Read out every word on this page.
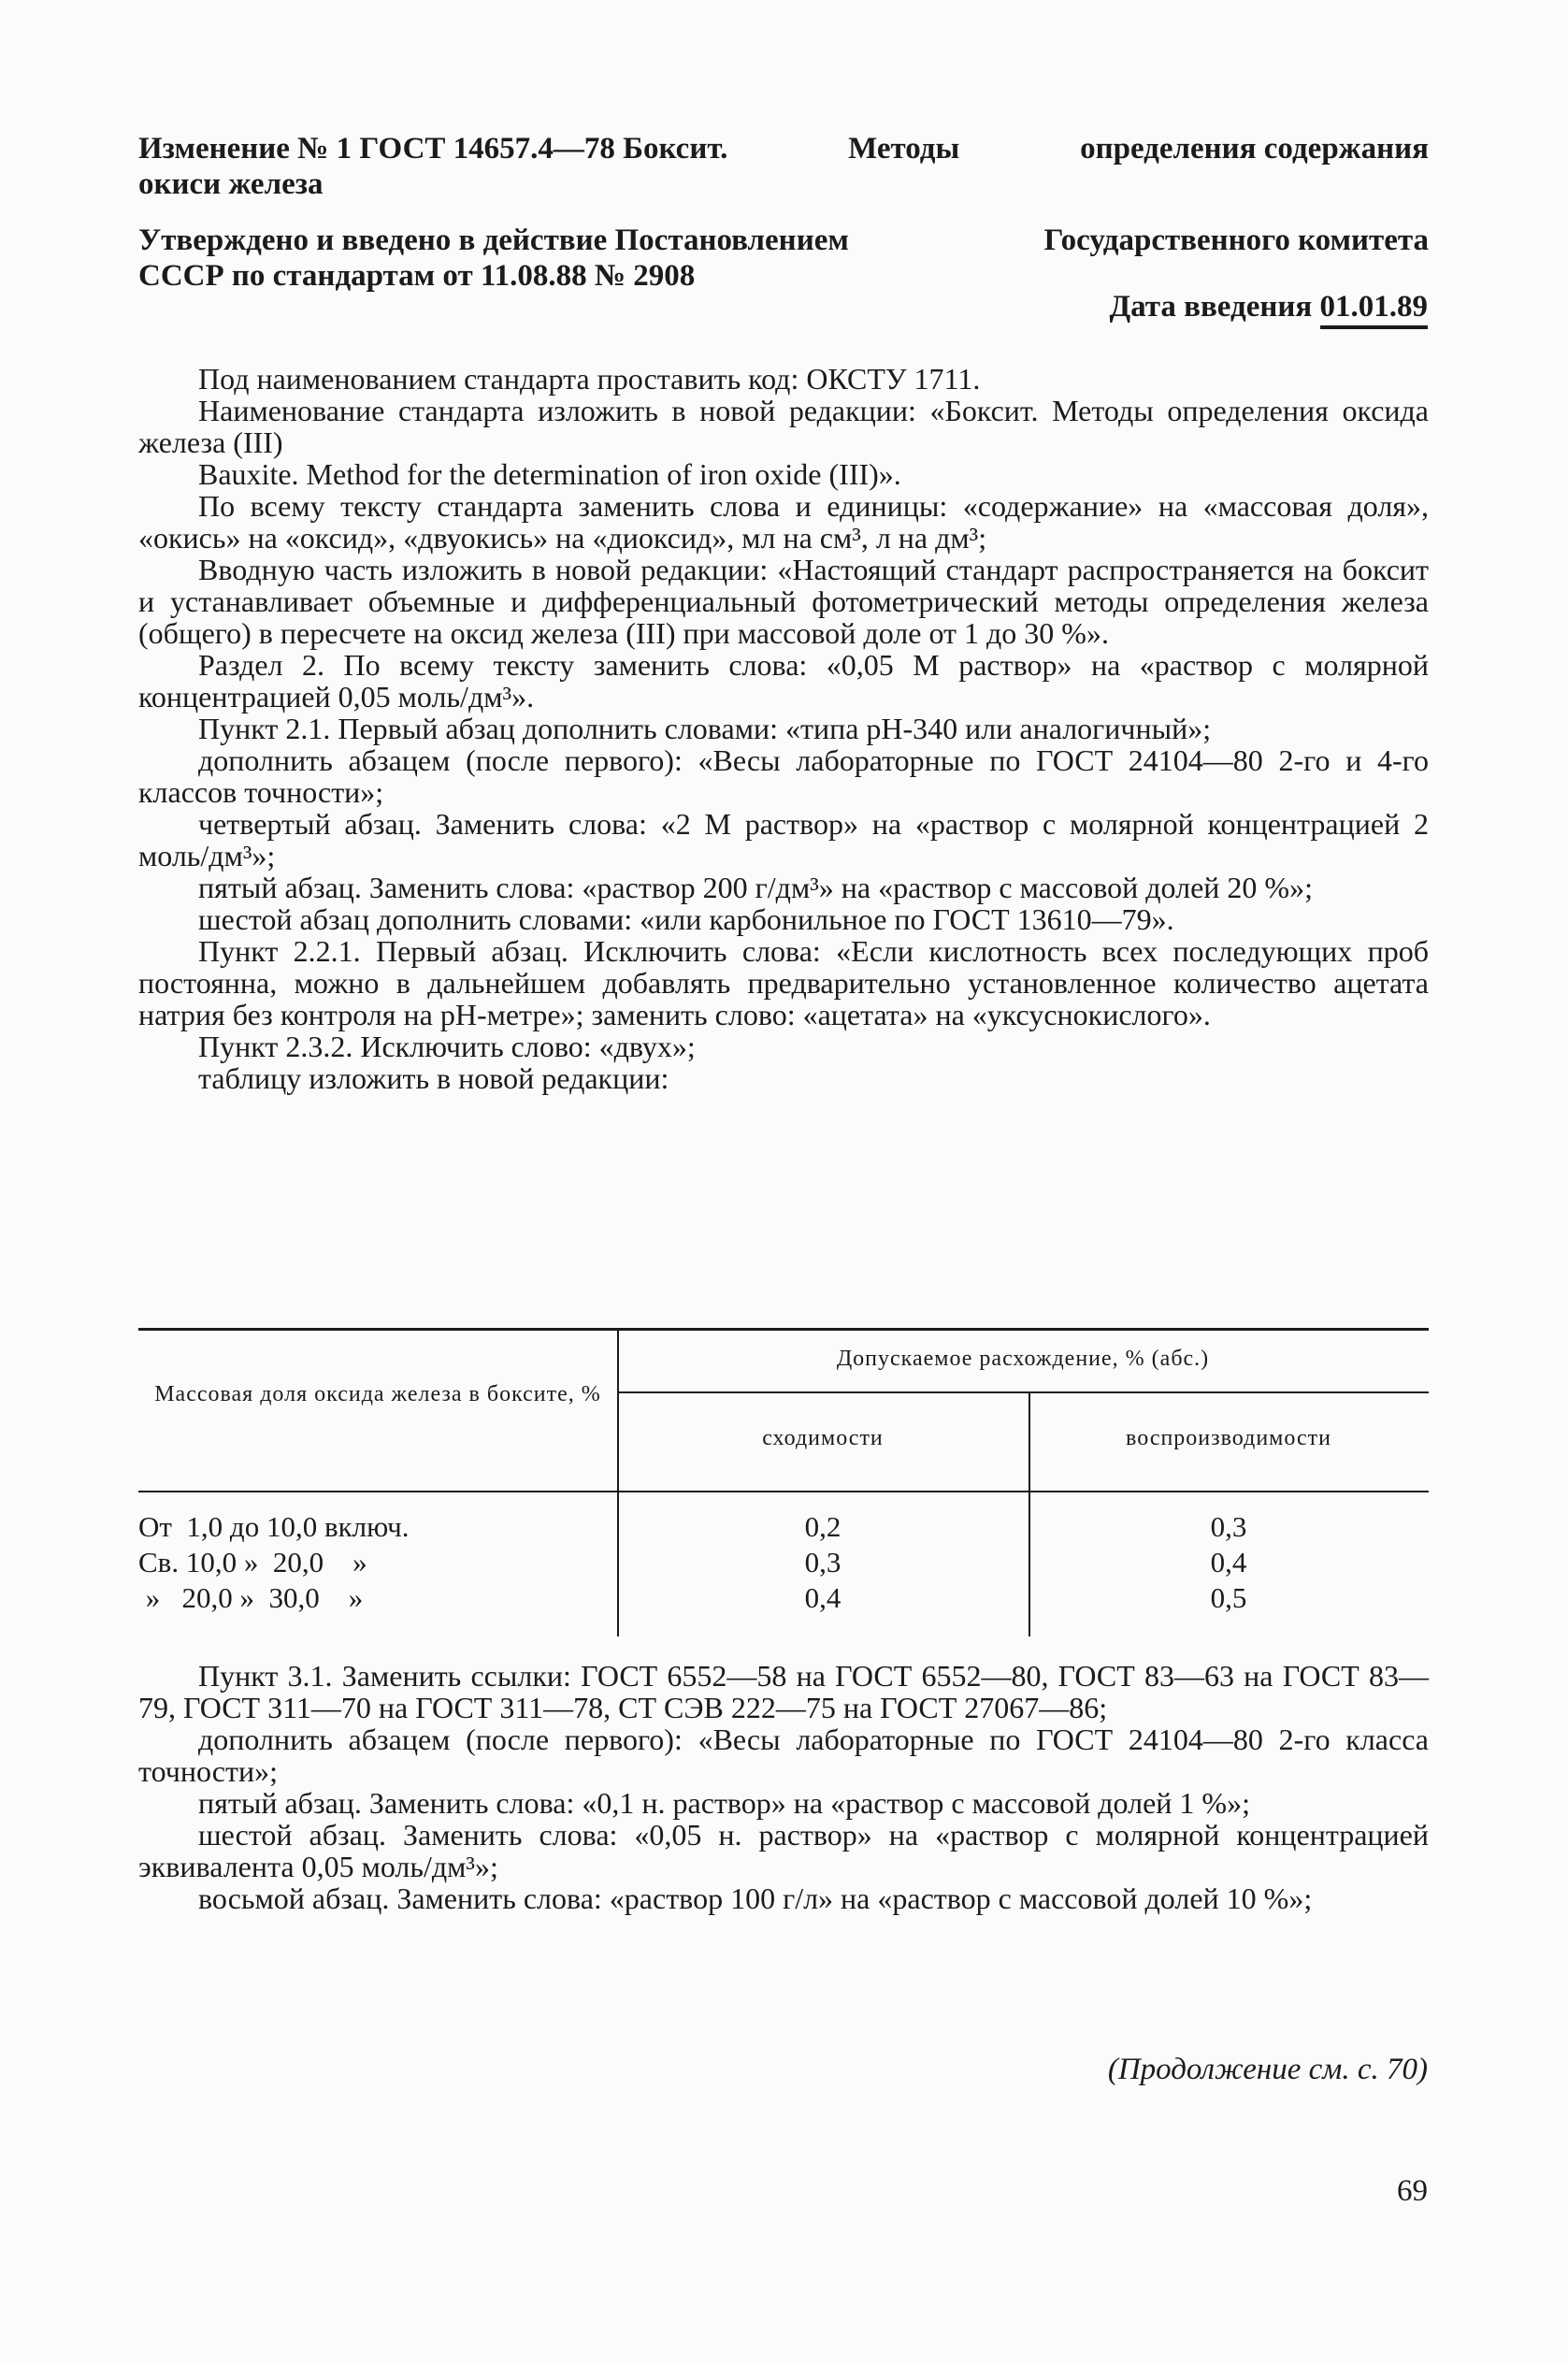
Изменение № 1 ГОСТ 14657.4—78 Боксит.	Методы	определения содержания
окиси железа
Утверждено и введено в действие Постановлением	Государственного комитета
СССР по стандартам от 11.08.88 № 2908
Дата введения 01.01.89

Под наименованием стандарта проставить код: ОКСТУ 1711.

Наименование стандарта изложить в новой редакции: «Боксит. Методы определения оксида железа (III)

Bauxite. Method for the determination of iron oxide (III)».

По всему тексту стандарта заменить слова и единицы: «содержание» на «массовая доля», «окись» на «оксид», «двуокись» на «диоксид», мл на см³, л на дм³;

Вводную часть изложить в новой редакции: «Настоящий стандарт распространяется на боксит и устанавливает объемные и дифференциальный фотометрический методы определения железа (общего) в пересчете на оксид железа (III) при массовой доле от 1 до 30 %».

Раздел 2. По всему тексту заменить слова: «0,05 М раствор» на «раствор с молярной концентрацией 0,05 моль/дм³».

Пункт 2.1. Первый абзац дополнить словами: «типа рН-340 или аналогичный»;

дополнить абзацем (после первого): «Весы лабораторные по ГОСТ 24104—80 2-го и 4-го классов точности»;

четвертый абзац. Заменить слова: «2 М раствор» на «раствор с молярной концентрацией 2 моль/дм³»;

пятый абзац. Заменить слова: «раствор 200 г/дм³» на «раствор с массовой долей 20 %»;

шестой абзац дополнить словами: «или карбонильное по ГОСТ 13610—79».

Пункт 2.2.1. Первый абзац. Исключить слова: «Если кислотность всех последующих проб постоянна, можно в дальнейшем добавлять предварительно установленное количество ацетата натрия без контроля на рН-метре»; заменить слово: «ацетата» на «уксуснокислого».

Пункт 2.3.2. Исключить слово: «двух»;

таблицу изложить в новой редакции:

Массовая доля оксида железа в боксите, %
Допускаемое расхождение, % (абс.)
сходимости	воспроизводимости
От  1,0 до 10,0 включ.	0,2	0,3
Св. 10,0 »  20,0    »	0,3	0,4
»   20,0 »  30,0    »	0,4	0,5

Пункт 3.1. Заменить ссылки: ГОСТ 6552—58 на ГОСТ 6552—80, ГОСТ 83—63 на ГОСТ 83—79, ГОСТ 311—70 на ГОСТ 311—78, СТ СЭВ 222—75 на ГОСТ 27067—86;

дополнить абзацем (после первого): «Весы лабораторные по ГОСТ 24104—80 2-го класса точности»;

пятый абзац. Заменить слова: «0,1 н. раствор» на «раствор с массовой долей 1 %»;

шестой абзац. Заменить слова: «0,05 н. раствор» на «раствор с молярной концентрацией эквивалента 0,05 моль/дм³»;

восьмой абзац. Заменить слова: «раствор 100 г/л» на «раствор с массовой долей 10 %»;

(Продолжение см. с. 70)
69
